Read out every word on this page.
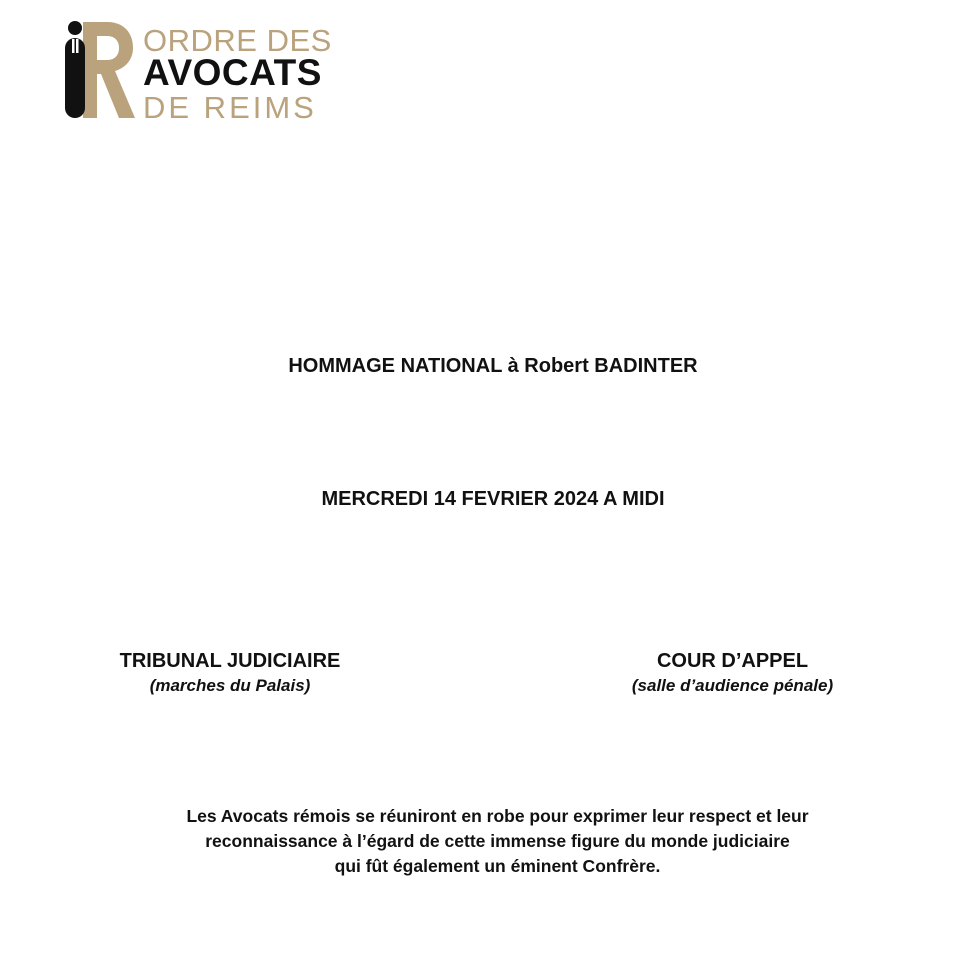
ORDRE DES
AVOCATS
DE REIMS
HOMMAGE NATIONAL à Robert BADINTER
MERCREDI 14 FEVRIER 2024 A MIDI
TRIBUNAL JUDICIAIRE
(marches du Palais)
COUR D’APPEL
(salle d’audience pénale)
Les Avocats rémois se réuniront en robe pour exprimer leur respect et leur
reconnaissance à l’égard de cette immense figure du monde judiciaire
qui fût également un éminent Confrère.
